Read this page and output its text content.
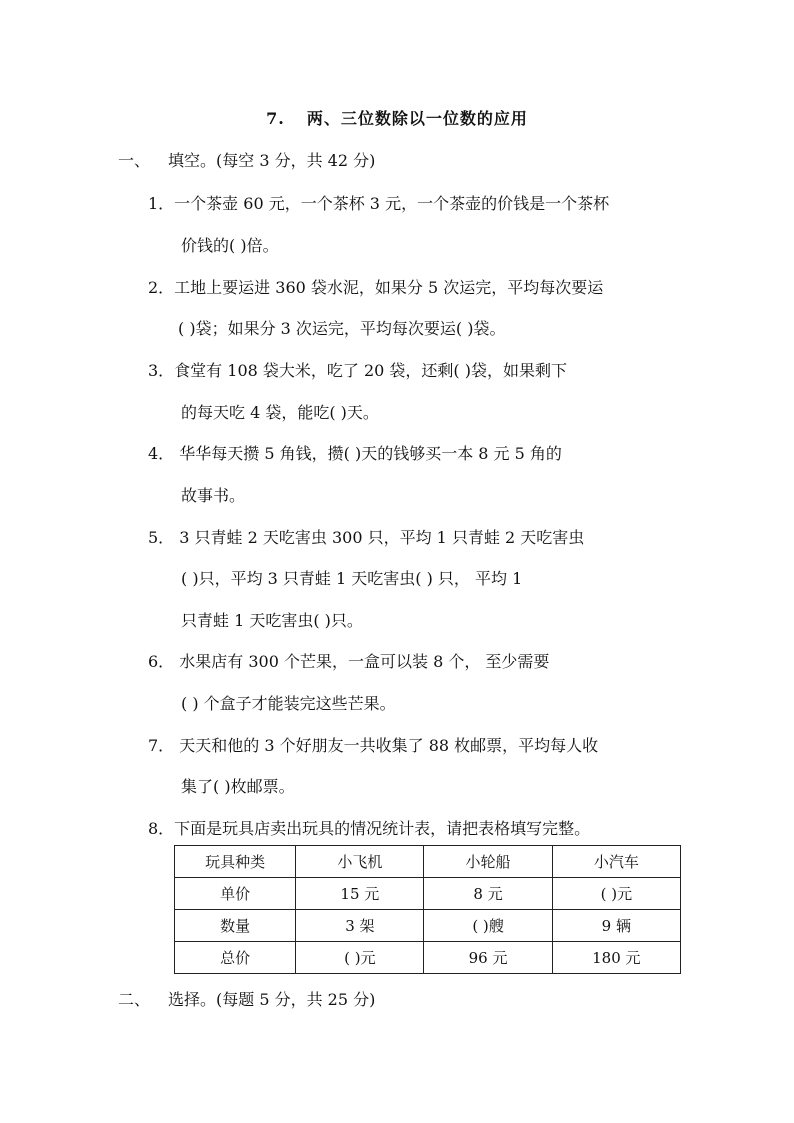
7. 两、三位数除以一位数的应用
一、 填空。(每空 3 分，共 42 分)
1．一个茶壶 60 元，一个茶杯 3 元，一个茶壶的价钱是一个茶杯
价钱的( )倍。
2．工地上要运进 360 袋水泥，如果分 5 次运完，平均每次要运
( )袋；如果分 3 次运完，平均每次要运( )袋。
3．食堂有 108 袋大米，吃了 20 袋，还剩( )袋，如果剩下
的每天吃 4 袋，能吃( )天。
4． 华华每天攒 5 角钱，攒( )天的钱够买一本 8 元 5 角的
故事书。
5． 3 只青蛙 2 天吃害虫 300 只，平均 1 只青蛙 2 天吃害虫
( )只，平均 3 只青蛙 1 天吃害虫( ) 只， 平均 1
只青蛙 1 天吃害虫( )只。
6． 水果店有 300 个芒果，一盒可以装 8 个， 至少需要
( ) 个盒子才能装完这些芒果。
7． 天天和他的 3 个好朋友一共收集了 88 枚邮票，平均每人收
集了( )枚邮票。
8．下面是玩具店卖出玩具的情况统计表，请把表格填写完整。
玩具种类	小飞机	小轮船	小汽车
单价	15 元	8 元	( )元
数量	3 架	( )艘	9 辆
总价	( )元	96 元	180 元
二、 选择。(每题 5 分，共 25 分)
